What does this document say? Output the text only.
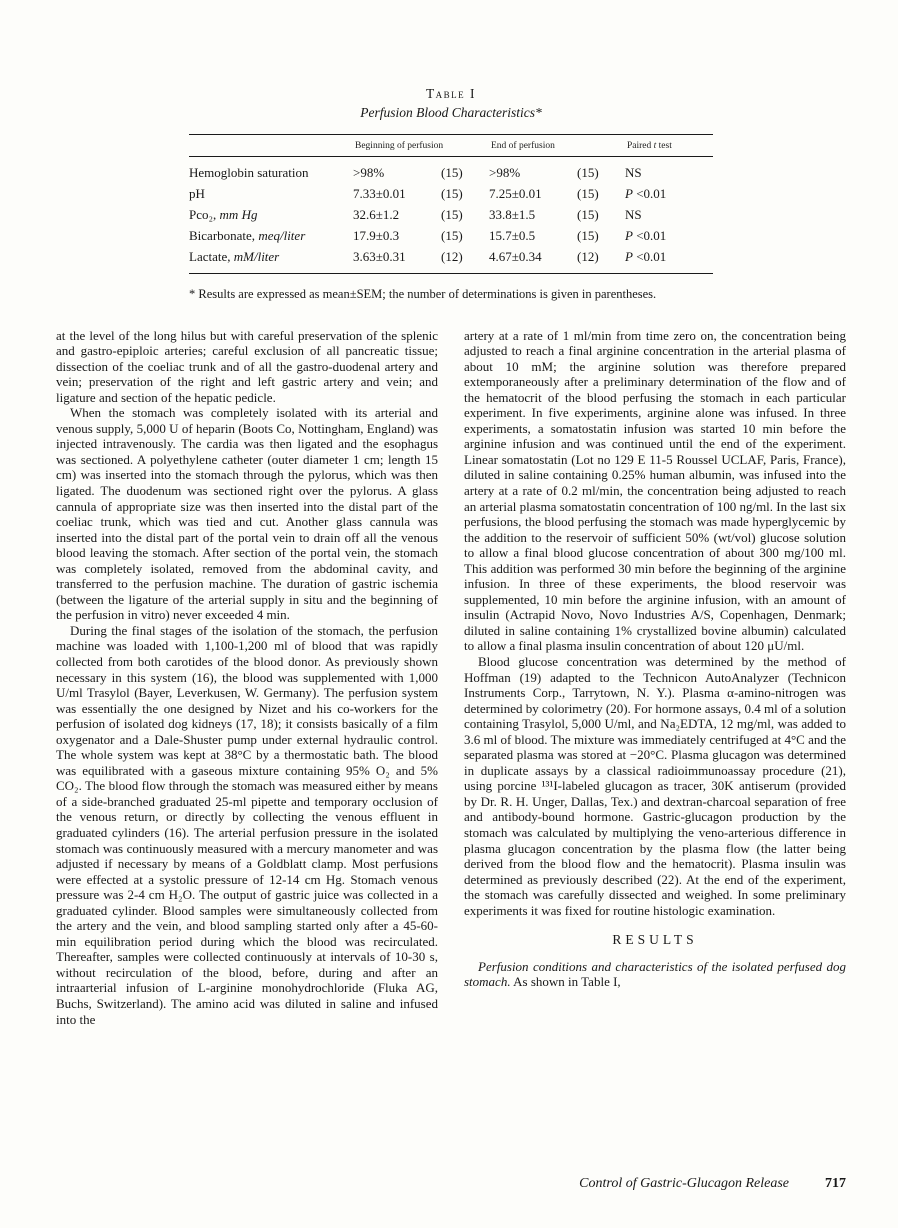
Table I
Perfusion Blood Characteristics*
	Beginning of perfusion		End of perfusion		Paired t test
Hemoglobin saturation	>98%	(15)	>98%	(15)	NS
pH	7.33±0.01	(15)	7.25±0.01	(15)	P <0.01
Pco₂, mm Hg	32.6±1.2	(15)	33.8±1.5	(15)	NS
Bicarbonate, meq/liter	17.9±0.3	(15)	15.7±0.5	(15)	P <0.01
Lactate, mM/liter	3.63±0.31	(12)	4.67±0.34	(12)	P <0.01
* Results are expressed as mean±SEM; the number of determinations is given in parentheses.

at the level of the long hilus but with careful preservation of the splenic and gastro-epiploic arteries; careful exclusion of all pancreatic tissue; dissection of the coeliac trunk and of all the gastro-duodenal artery and vein; preservation of the right and left gastric artery and vein; and ligature and section of the hepatic pedicle.

When the stomach was completely isolated with its arterial and venous supply, 5,000 U of heparin (Boots Co, Nottingham, England) was injected intravenously. The cardia was then ligated and the esophagus was sectioned. A polyethylene catheter (outer diameter 1 cm; length 15 cm) was inserted into the stomach through the pylorus, which was then ligated. The duodenum was sectioned right over the pylorus. A glass cannula of appropriate size was then inserted into the distal part of the coeliac trunk, which was tied and cut. Another glass cannula was inserted into the distal part of the portal vein to drain off all the venous blood leaving the stomach. After section of the portal vein, the stomach was completely isolated, removed from the abdominal cavity, and transferred to the perfusion machine. The duration of gastric ischemia (between the ligature of the arterial supply in situ and the beginning of the perfusion in vitro) never exceeded 4 min.

During the final stages of the isolation of the stomach, the perfusion machine was loaded with 1,100-1,200 ml of blood that was rapidly collected from both carotides of the blood donor. As previously shown necessary in this system (16), the blood was supplemented with 1,000 U/ml Trasylol (Bayer, Leverkusen, W. Germany). The perfusion system was essentially the one designed by Nizet and his co-workers for the perfusion of isolated dog kidneys (17, 18); it consists basically of a film oxygenator and a Dale-Shuster pump under external hydraulic control. The whole system was kept at 38°C by a thermostatic bath. The blood was equilibrated with a gaseous mixture containing 95% O₂ and 5% CO₂. The blood flow through the stomach was measured either by means of a side-branched graduated 25-ml pipette and temporary occlusion of the venous return, or directly by collecting the venous effluent in graduated cylinders (16). The arterial perfusion pressure in the isolated stomach was continuously measured with a mercury manometer and was adjusted if necessary by means of a Goldblatt clamp. Most perfusions were effected at a systolic pressure of 12-14 cm Hg. Stomach venous pressure was 2-4 cm H₂O. The output of gastric juice was collected in a graduated cylinder. Blood samples were simultaneously collected from the artery and the vein, and blood sampling started only after a 45-60-min equilibration period during which the blood was recirculated. Thereafter, samples were collected continuously at intervals of 10-30 s, without recirculation of the blood, before, during and after an intraarterial infusion of L-arginine monohydrochloride (Fluka AG, Buchs, Switzerland). The amino acid was diluted in saline and infused into the

artery at a rate of 1 ml/min from time zero on, the concentration being adjusted to reach a final arginine concentration in the arterial plasma of about 10 mM; the arginine solution was therefore prepared extemporaneously after a preliminary determination of the flow and of the hematocrit of the blood perfusing the stomach in each particular experiment. In five experiments, arginine alone was infused. In three experiments, a somatostatin infusion was started 10 min before the arginine infusion and was continued until the end of the experiment. Linear somatostatin (Lot no 129 E 11-5 Roussel UCLAF, Paris, France), diluted in saline containing 0.25% human albumin, was infused into the artery at a rate of 0.2 ml/min, the concentration being adjusted to reach an arterial plasma somatostatin concentration of 100 ng/ml. In the last six perfusions, the blood perfusing the stomach was made hyperglycemic by the addition to the reservoir of sufficient 50% (wt/vol) glucose solution to allow a final blood glucose concentration of about 300 mg/100 ml. This addition was performed 30 min before the beginning of the arginine infusion. In three of these experiments, the blood reservoir was supplemented, 10 min before the arginine infusion, with an amount of insulin (Actrapid Novo, Novo Industries A/S, Copenhagen, Denmark; diluted in saline containing 1% crystallized bovine albumin) calculated to allow a final plasma insulin concentration of about 120 μU/ml.

Blood glucose concentration was determined by the method of Hoffman (19) adapted to the Technicon AutoAnalyzer (Technicon Instruments Corp., Tarrytown, N. Y.). Plasma α-amino-nitrogen was determined by colorimetry (20). For hormone assays, 0.4 ml of a solution containing Trasylol, 5,000 U/ml, and Na₂EDTA, 12 mg/ml, was added to 3.6 ml of blood. The mixture was immediately centrifuged at 4°C and the separated plasma was stored at −20°C. Plasma glucagon was determined in duplicate assays by a classical radioimmunoassay procedure (21), using porcine ¹³¹I-labeled glucagon as tracer, 30K antiserum (provided by Dr. R. H. Unger, Dallas, Tex.) and dextran-charcoal separation of free and antibody-bound hormone. Gastric-glucagon production by the stomach was calculated by multiplying the veno-arterious difference in plasma glucagon concentration by the plasma flow (the latter being derived from the blood flow and the hematocrit). Plasma insulin was determined as previously described (22). At the end of the experiment, the stomach was carefully dissected and weighed. In some preliminary experiments it was fixed for routine histologic examination.

RESULTS

Perfusion conditions and characteristics of the isolated perfused dog stomach. As shown in Table I,

Control of Gastric-Glucagon Release	717
